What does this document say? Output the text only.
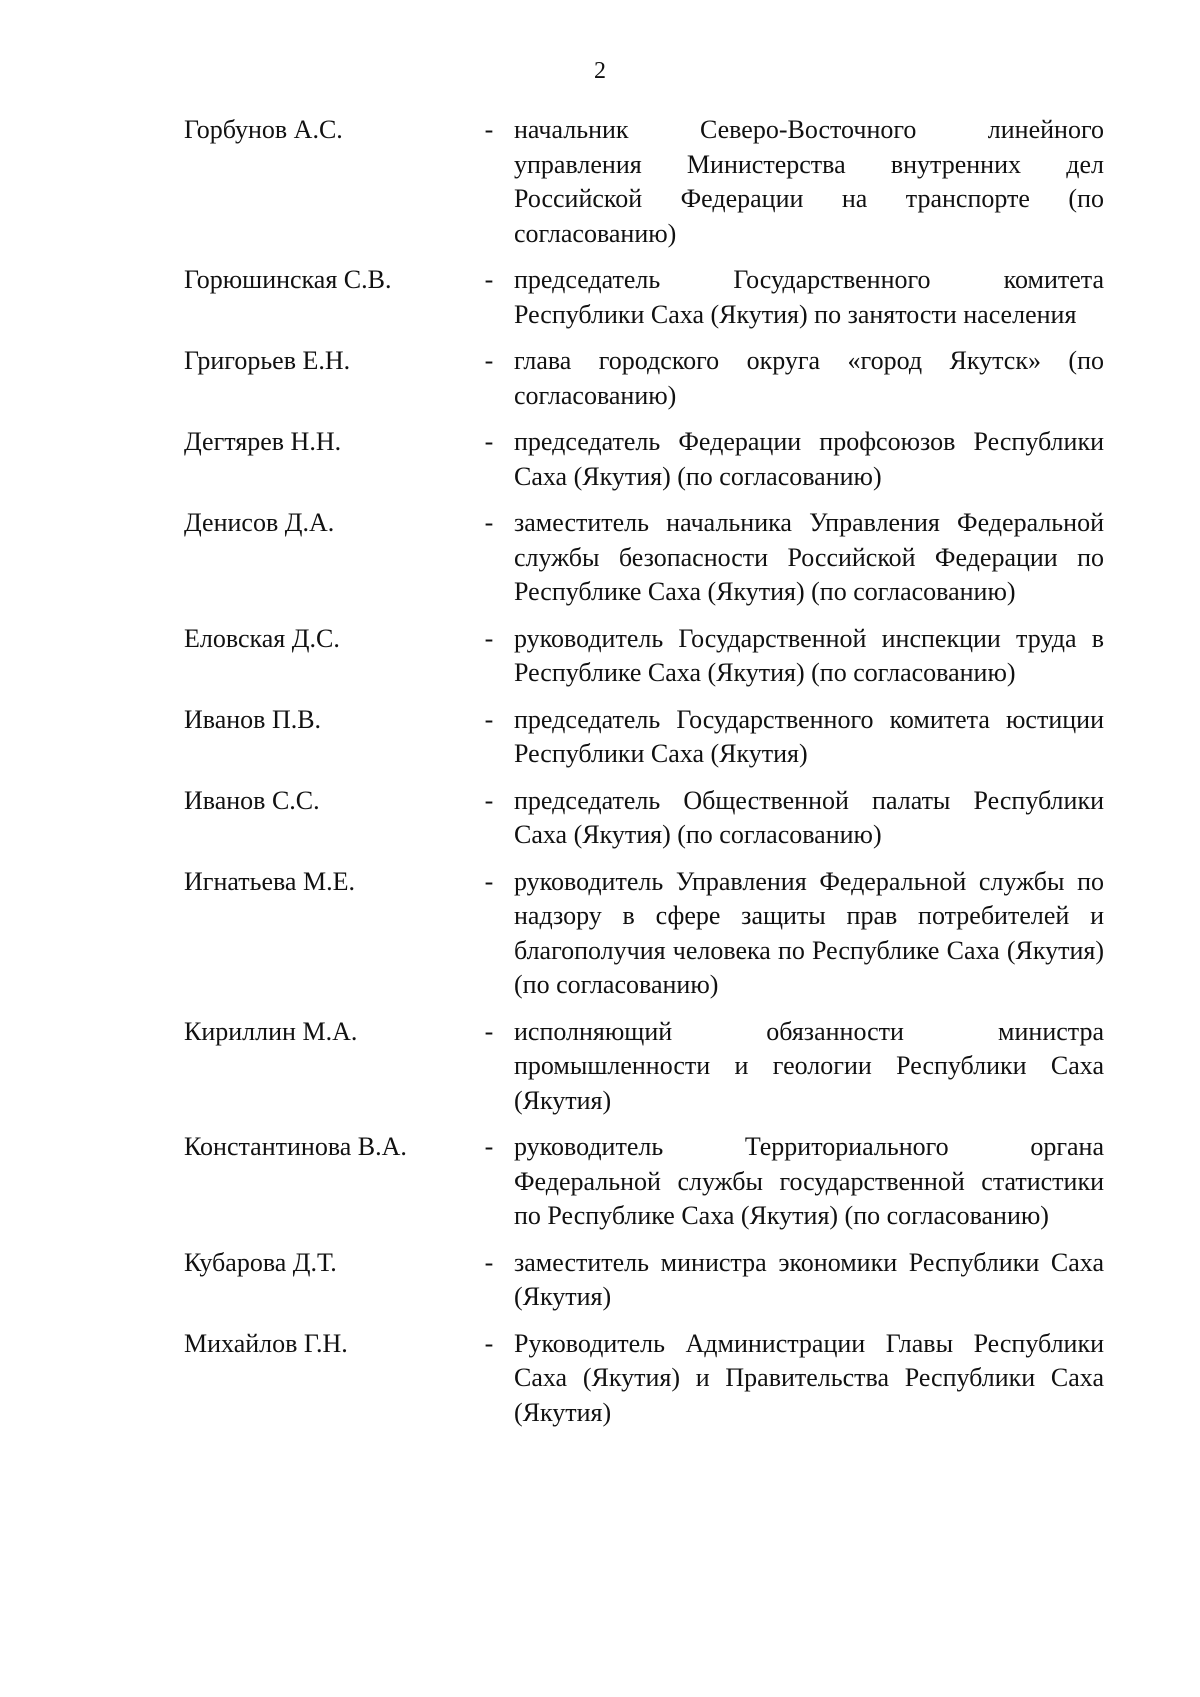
2
Горбунов А.С.	- начальник Северо-Восточного линейного управления Министерства внутренних дел Российской Федерации на транспорте (по согласованию)
Горюшинская С.В.	- председатель Государственного комитета Республики Саха (Якутия) по занятости населения
Григорьев Е.Н.	- глава городского округа «город Якутск» (по согласованию)
Дегтярев Н.Н.	- председатель Федерации профсоюзов Республики Саха (Якутия) (по согласованию)
Денисов Д.А.	- заместитель начальника Управления Федеральной службы безопасности Российской Федерации по Республике Саха (Якутия) (по согласованию)
Еловская Д.С.	- руководитель Государственной инспекции труда в Республике Саха (Якутия) (по согласованию)
Иванов П.В.	- председатель Государственного комитета юстиции Республики Саха (Якутия)
Иванов С.С.	- председатель Общественной палаты Республики Саха (Якутия) (по согласованию)
Игнатьева М.Е.	- руководитель Управления Федеральной службы по надзору в сфере защиты прав потребителей и благополучия человека по Республике Саха (Якутия) (по согласованию)
Кириллин М.А.	- исполняющий обязанности министра промышленности и геологии Республики Саха (Якутия)
Константинова В.А.	- руководитель Территориального органа Федеральной службы государственной статистики по Республике Саха (Якутия) (по согласованию)
Кубарова Д.Т.	- заместитель министра экономики Республики Саха (Якутия)
Михайлов Г.Н.	- Руководитель Администрации Главы Республики Саха (Якутия) и Правительства Республики Саха (Якутия)
